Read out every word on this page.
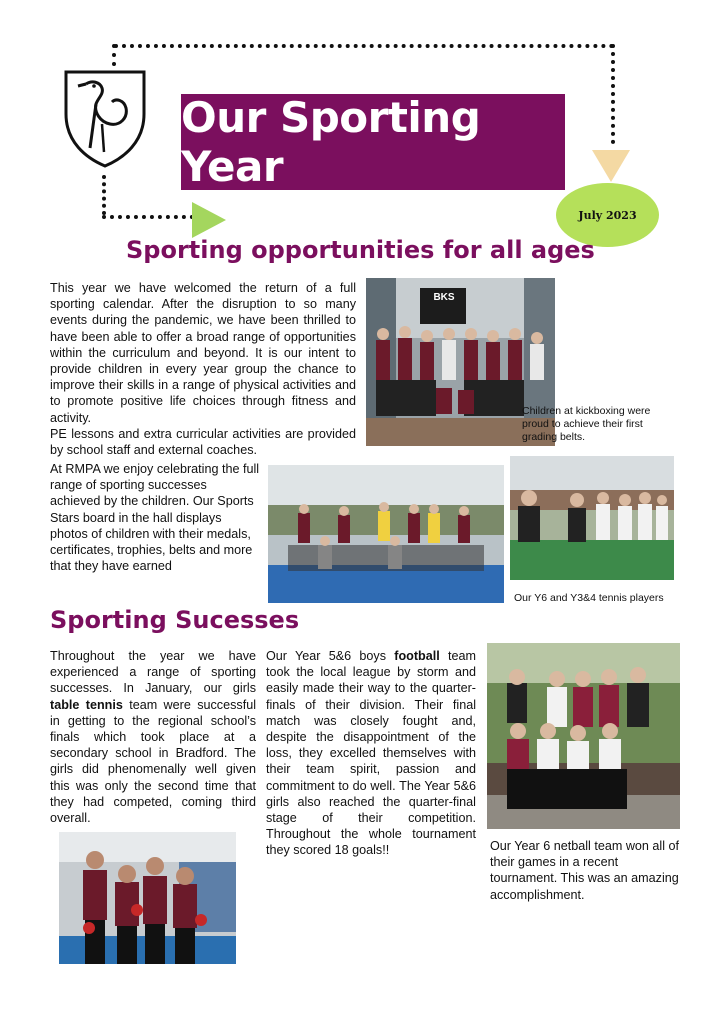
Our Sporting Year
July 2023
Sporting opportunities for all ages
This year we have welcomed the return of a full sporting calendar. After the disruption to so many events during the pandemic, we have been thrilled to have been able to offer a broad range of opportunities within the curriculum and beyond. It is our intent to provide children in every year group the chance to improve their skills in a range of physical activities and to promote positive life choices through fitness and activity.
PE lessons and extra curricular activities are provided by school staff and external coaches.
At RMPA we enjoy celebrating the full range of sporting successes achieved by the children. Our Sports Stars board in the hall displays photos of children with their medals, certificates, trophies, belts and more that they have earned
BKS
Children at kickboxing were proud to achieve their first grading belts.
Our Y6 and Y3&4 tennis players
Sporting Sucesses
Throughout the year we have experienced a range of sporting successes. In January, our girls table tennis team were successful in getting to the regional school’s finals which took place at a secondary school in Bradford. The girls did phenomenally well given this was only the second time that they had competed, coming third overall.
Our Year 5&6 boys football team took the local league by storm and easily made their way to the quarter-finals of their division. Their final match was closely fought and, despite the disappointment of the loss, they excelled themselves with their team spirit, passion and commitment to do well. The Year 5&6 girls also reached the quarter-final stage of their competition. Throughout the whole tournament they scored 18 goals!!	Our Year 6 netball team won all of their games in a recent tournament. This was an amazing accomplishment.
